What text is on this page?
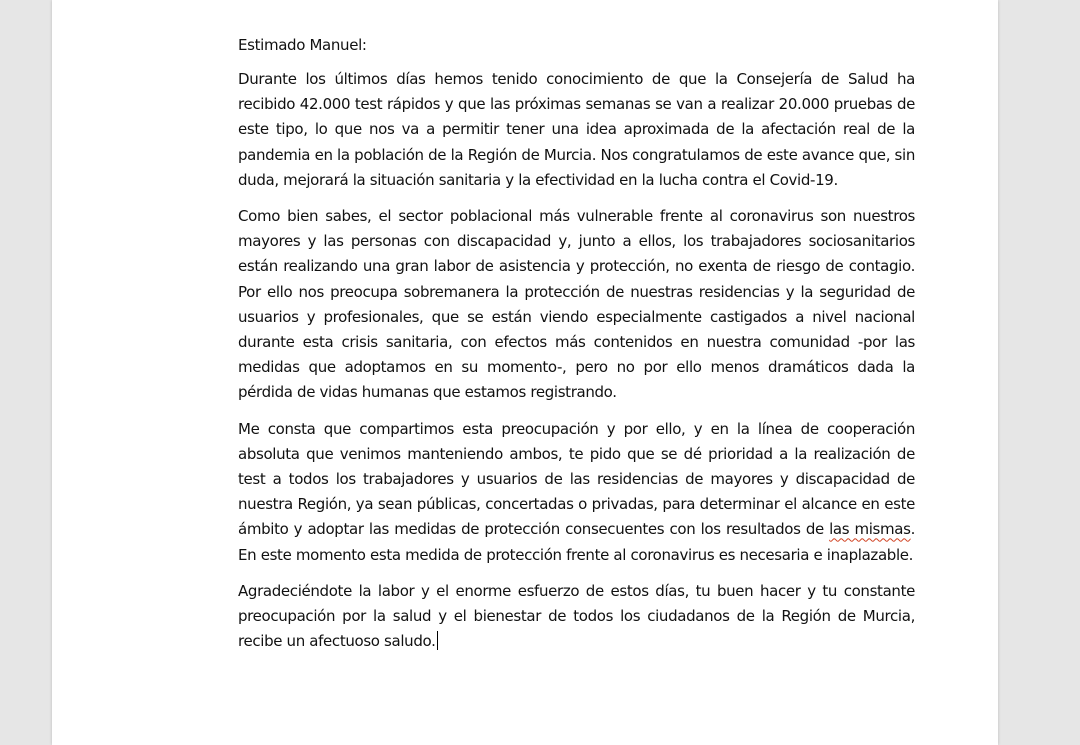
Estimado Manuel:

Durante los últimos días hemos tenido conocimiento de que la Consejería de Salud ha recibido 42.000 test rápidos y que las próximas semanas se van a realizar 20.000 pruebas de este tipo, lo que nos va a permitir tener una idea aproximada de la afectación real de la pandemia en la población de la Región de Murcia. Nos congratulamos de este avance que, sin duda, mejorará la situación sanitaria y la efectividad en la lucha contra el Covid-19.

Como bien sabes, el sector poblacional más vulnerable frente al coronavirus son nuestros mayores y las personas con discapacidad y, junto a ellos, los trabajadores sociosanitarios están realizando una gran labor de asistencia y protección, no exenta de riesgo de contagio. Por ello nos preocupa sobremanera la protección de nuestras residencias y la seguridad de usuarios y profesionales, que se están viendo especialmente castigados a nivel nacional durante esta crisis sanitaria, con efectos más contenidos en nuestra comunidad -por las medidas que adoptamos en su momento-, pero no por ello menos dramáticos dada la pérdida de vidas humanas que estamos registrando.

Me consta que compartimos esta preocupación y por ello, y en la línea de cooperación absoluta que venimos manteniendo ambos, te pido que se dé prioridad a la realización de test a todos los trabajadores y usuarios de las residencias de mayores y discapacidad de nuestra Región, ya sean públicas, concertadas o privadas, para determinar el alcance en este ámbito y adoptar las medidas de protección consecuentes con los resultados de las mismas. En este momento esta medida de protección frente al coronavirus es necesaria e inaplazable.

Agradeciéndote la labor y el enorme esfuerzo de estos días, tu buen hacer y tu constante preocupación por la salud y el bienestar de todos los ciudadanos de la Región de Murcia, recibe un afectuoso saludo.
